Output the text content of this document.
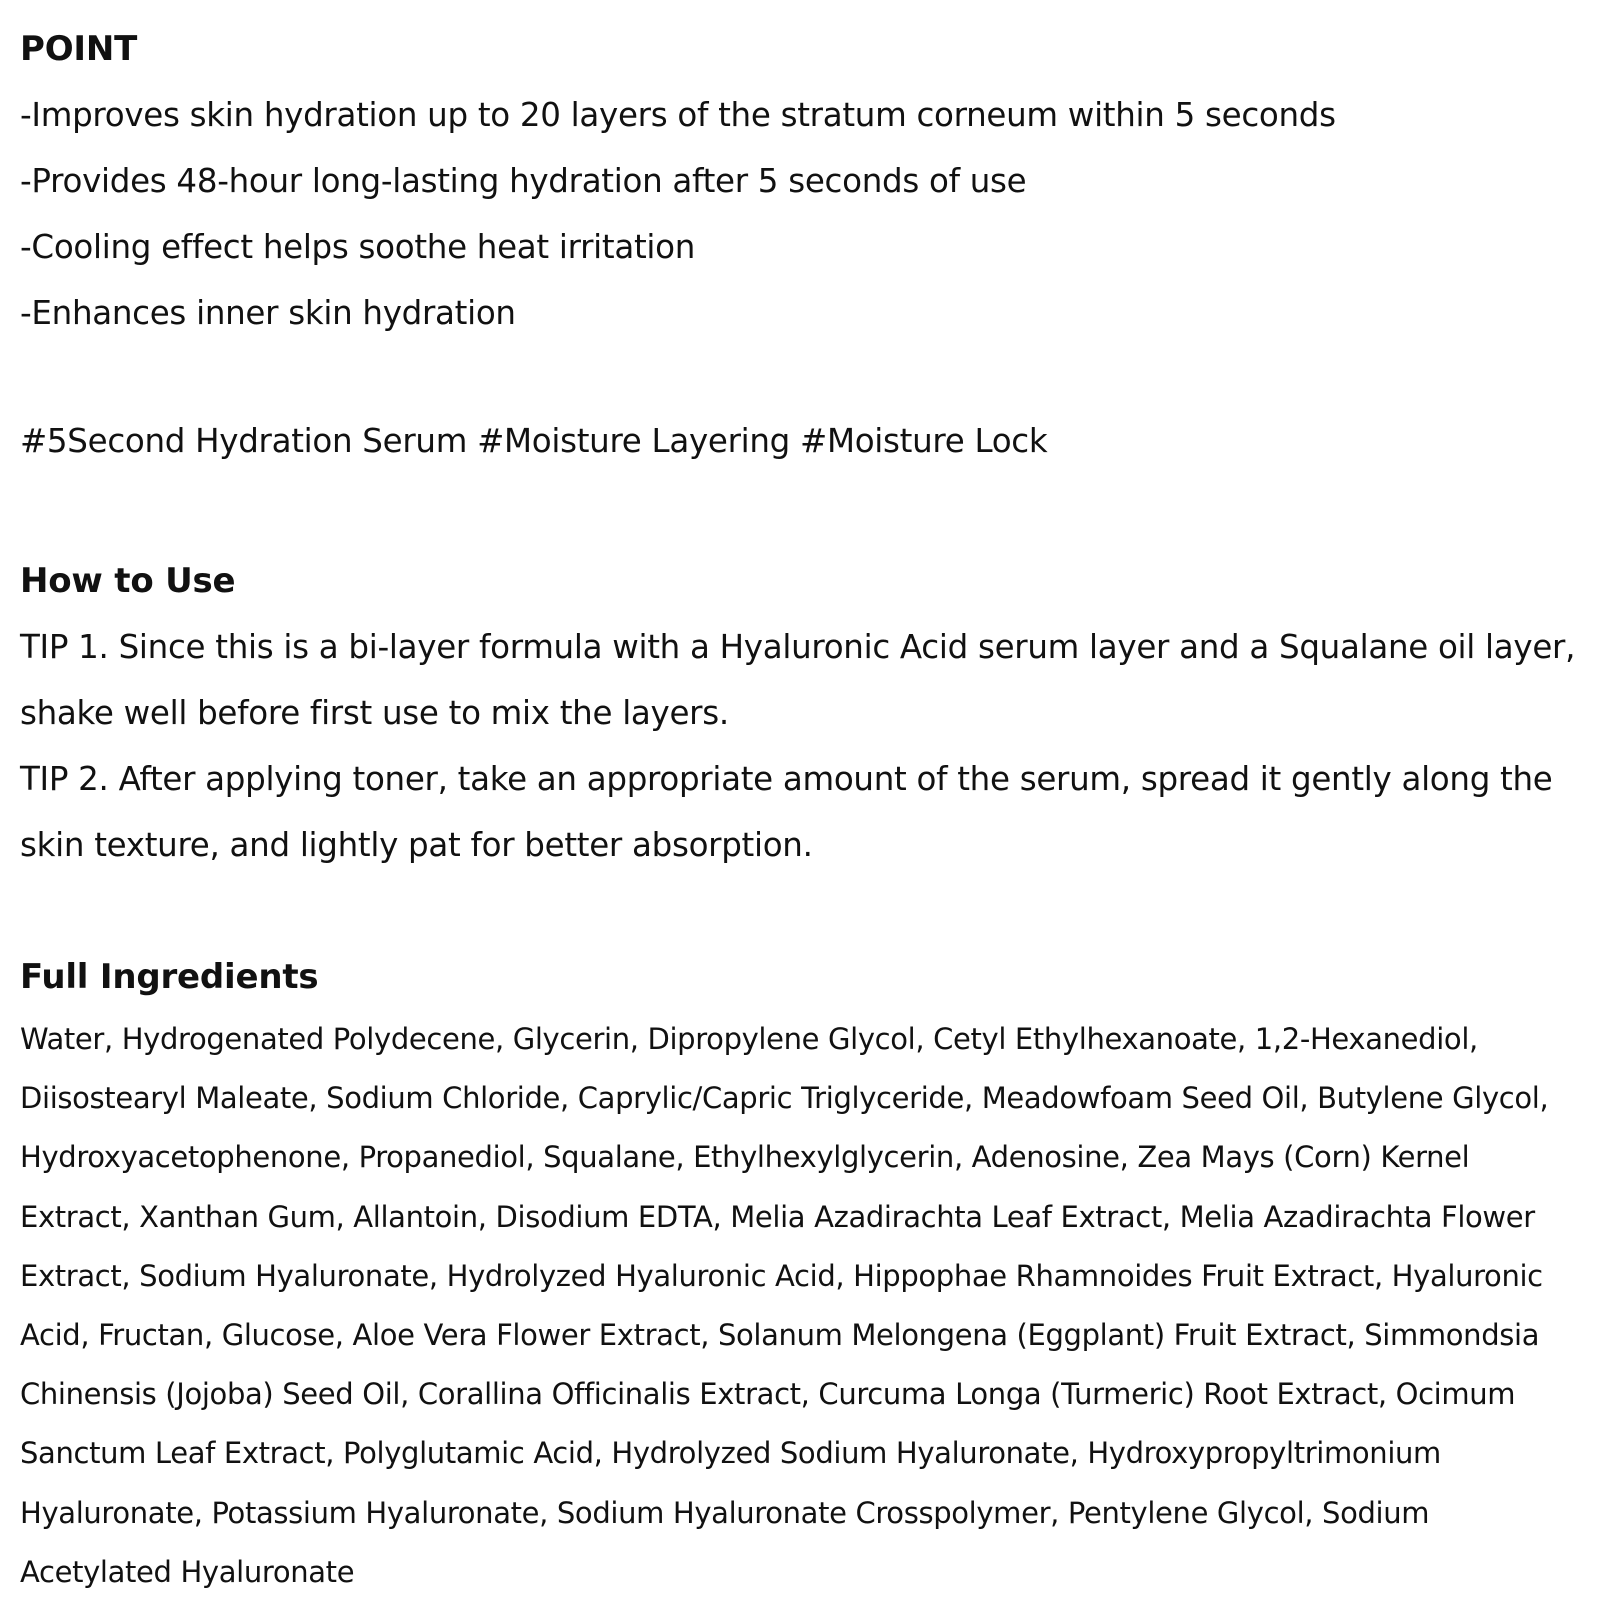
POINT
-Improves skin hydration up to 20 layers of the stratum corneum within 5 seconds
-Provides 48-hour long-lasting hydration after 5 seconds of use
-Cooling effect helps soothe heat irritation
-Enhances inner skin hydration
#5Second Hydration Serum #Moisture Layering #Moisture Lock
How to Use

TIP 1. Since this is a bi-layer formula with a Hyaluronic Acid serum layer and a Squalane oil layer, shake well before first use to mix the layers.

TIP 2. After applying toner, take an appropriate amount of the serum, spread it gently along the skin texture, and lightly pat for better absorption.

Full Ingredients

Water, Hydrogenated Polydecene, Glycerin, Dipropylene Glycol, Cetyl Ethylhexanoate, 1,2-Hexanediol, Diisostearyl Maleate, Sodium Chloride, Caprylic/Capric Triglyceride, Meadowfoam Seed Oil, Butylene Glycol, Hydroxyacetophenone, Propanediol, Squalane, Ethylhexylglycerin, Adenosine, Zea Mays (Corn) Kernel Extract, Xanthan Gum, Allantoin, Disodium EDTA, Melia Azadirachta Leaf Extract, Melia Azadirachta Flower Extract, Sodium Hyaluronate, Hydrolyzed Hyaluronic Acid, Hippophae Rhamnoides Fruit Extract, Hyaluronic Acid, Fructan, Glucose, Aloe Vera Flower Extract, Solanum Melongena (Eggplant) Fruit Extract, Simmondsia Chinensis (Jojoba) Seed Oil, Corallina Officinalis Extract, Curcuma Longa (Turmeric) Root Extract, Ocimum Sanctum Leaf Extract, Polyglutamic Acid, Hydrolyzed Sodium Hyaluronate, Hydroxypropyltrimonium Hyaluronate, Potassium Hyaluronate, Sodium Hyaluronate Crosspolymer, Pentylene Glycol, Sodium Acetylated Hyaluronate
